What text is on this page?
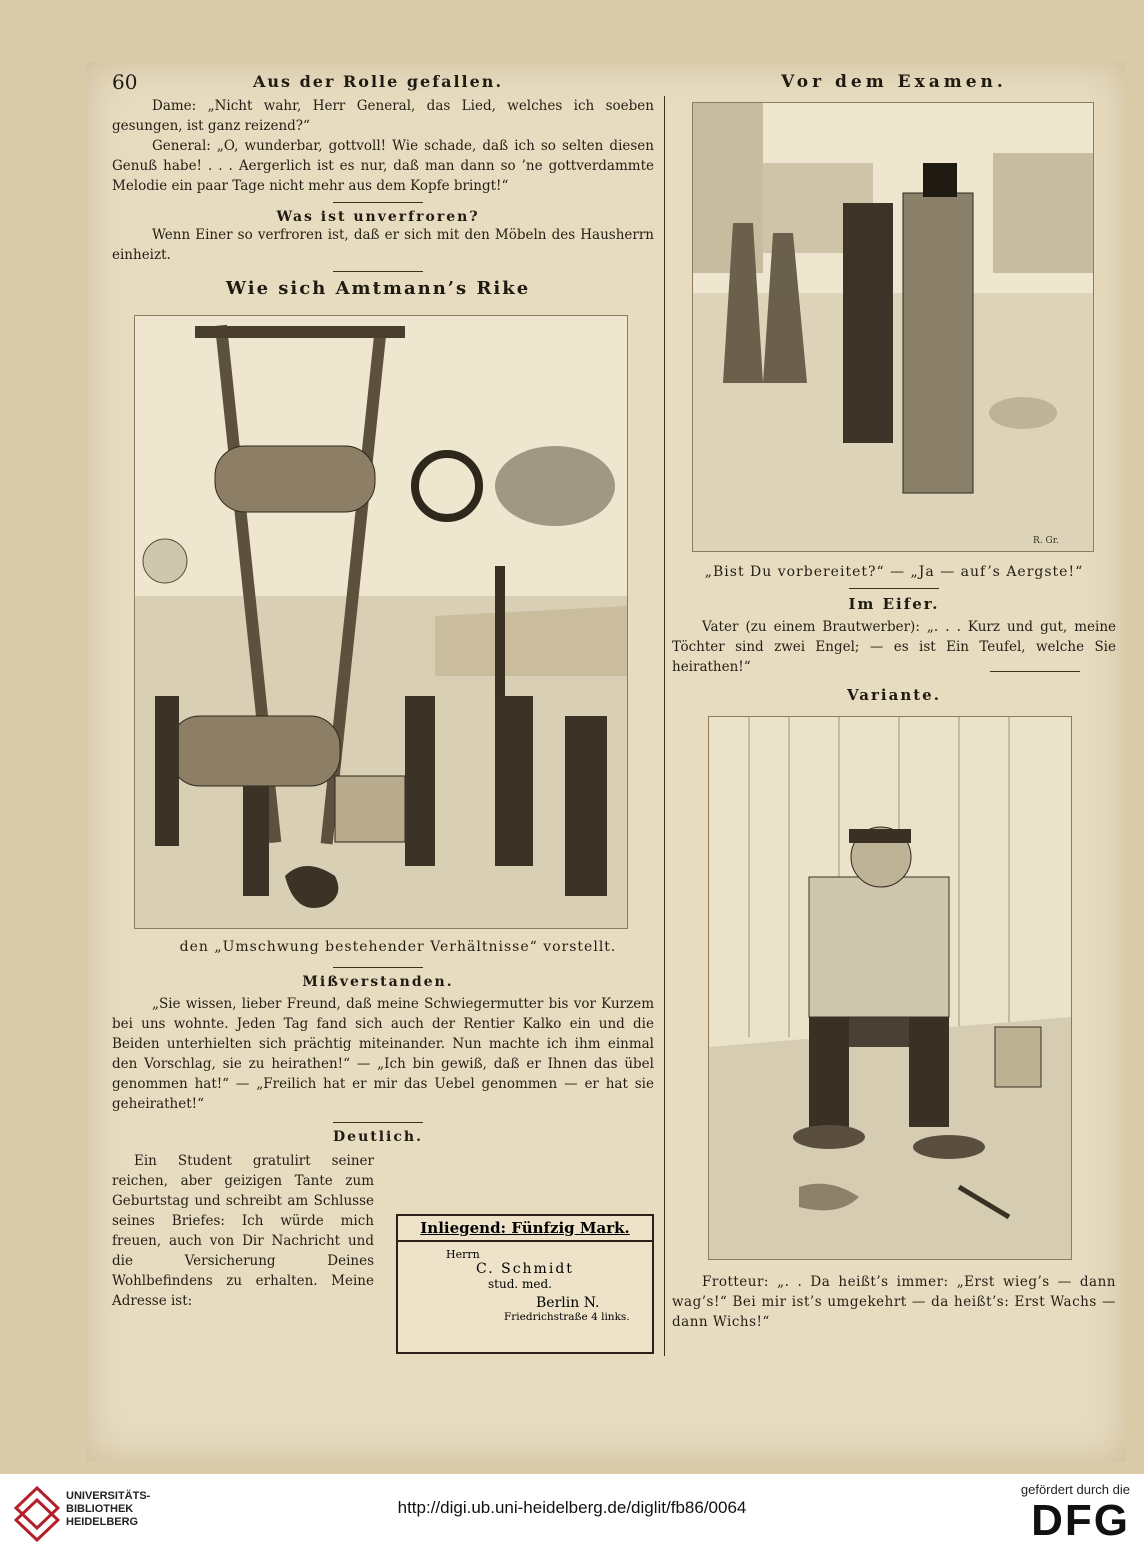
60	Aus der Rolle gefallen.
Dame: „Nicht wahr, Herr General, das Lied, welches ich soeben gesungen, ist ganz reizend?“
General: „O, wunderbar, gottvoll! Wie schade, daß ich so selten diesen Genuß habe! . . . Aergerlich ist es nur, daß man dann so ’ne gottverdammte Melodie ein paar Tage nicht mehr aus dem Kopfe bringt!“
Was ist unverfroren?
Wenn Einer so verfroren ist, daß er sich mit den Möbeln des Hausherrn einheizt.
Wie sich Amtmann’s Rike
den „Umschwung bestehender Verhältnisse“ vorstellt.
Mißverstanden.
„Sie wissen, lieber Freund, daß meine Schwiegermutter bis vor Kurzem bei uns wohnte. Jeden Tag fand sich auch der Rentier Kalko ein und die Beiden unterhielten sich prächtig miteinander. Nun machte ich ihm einmal den Vorschlag, sie zu heirathen!“ — „Ich bin gewiß, daß er Ihnen das übel genommen hat!“ — „Freilich hat er mir das Uebel genommen — er hat sie geheirathet!“
Deutlich.
Ein Student gratulirt seiner reichen, aber geizigen Tante zum Geburtstag und schreibt am Schlusse seines Briefes: Ich würde mich freuen, auch von Dir Nachricht und die Versicherung Deines Wohlbefindens zu erhalten. Meine Adresse ist:
Inliegend: Fünfzig Mark.
Herrn
C. Schmidt
stud. med.
Berlin N.
Friedrichstraße 4 links.
Vor dem Examen.
R. Gr.
„Bist Du vorbereitet?“ — „Ja — auf’s Aergste!“
Im Eifer.
Vater (zu einem Brautwerber): „. . . Kurz und gut, meine Töchter sind zwei Engel; — es ist Ein Teufel, welche Sie heirathen!“
Variante.
Frotteur: „. . Da heißt’s immer: „Erst wieg’s — dann wag’s!“ Bei mir ist’s umgekehrt — da heißt’s: Erst Wachs — dann Wichs!“
UNIVERSITÄTS-
BIBLIOTHEK
HEIDELBERG
http://digi.ub.uni-heidelberg.de/diglit/fb86/0064
gefördert durch die
DFG
